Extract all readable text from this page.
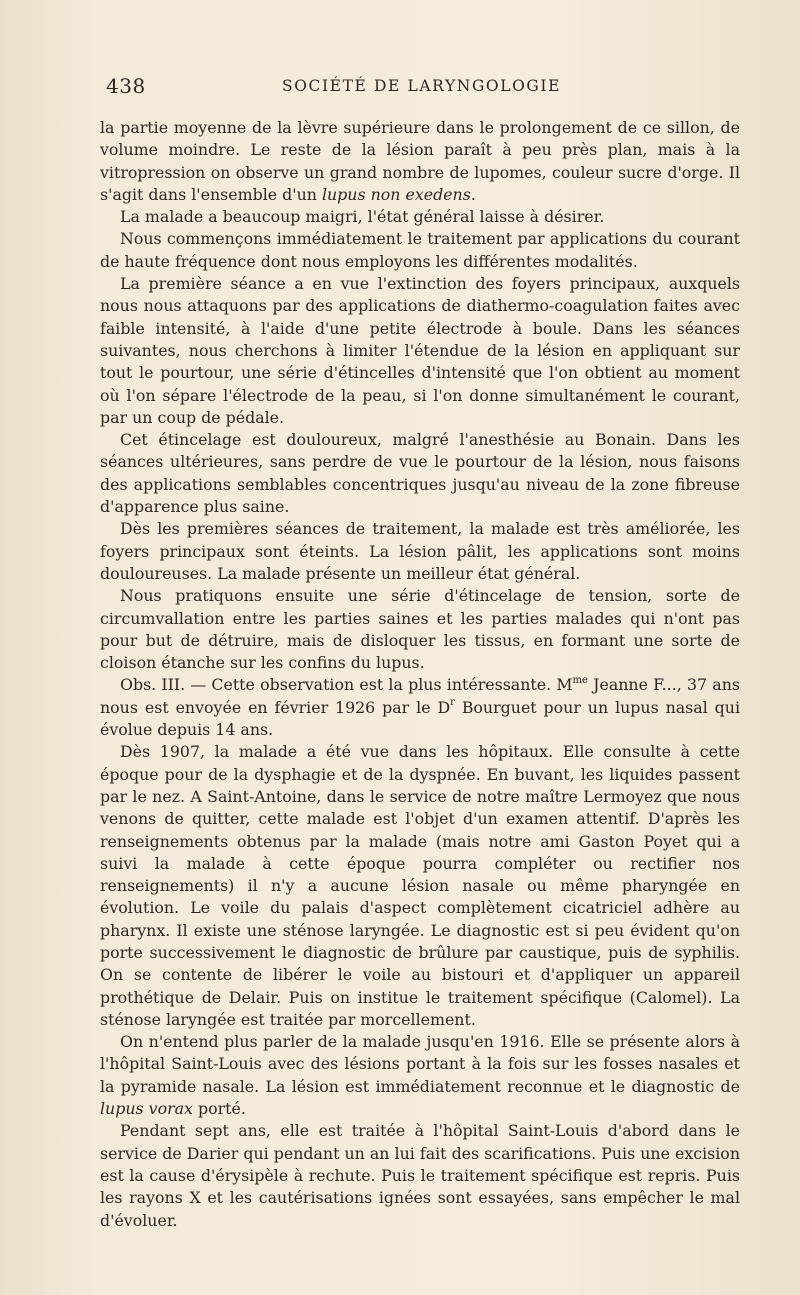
438	SOCIÉTÉ DE LARYNGOLOGIE

la partie moyenne de la lèvre supérieure dans le prolongement de ce sillon, de volume moindre. Le reste de la lésion paraît à peu près plan, mais à la vitropression on observe un grand nombre de lupomes, couleur sucre d'orge. Il s'agit dans l'ensemble d'un lupus non exedens.

La malade a beaucoup maigri, l'état général laisse à désirer.

Nous commençons immédiatement le traitement par applications du courant de haute fréquence dont nous employons les différentes modalités.

La première séance a en vue l'extinction des foyers principaux, auxquels nous nous attaquons par des applications de diathermo-coagulation faites avec faible intensité, à l'aide d'une petite électrode à boule. Dans les séances suivantes, nous cherchons à limiter l'étendue de la lésion en appliquant sur tout le pourtour, une série d'étincelles d'intensité que l'on obtient au moment où l'on sépare l'électrode de la peau, si l'on donne simultanément le courant, par un coup de pédale.

Cet étincelage est douloureux, malgré l'anesthésie au Bonain. Dans les séances ultérieures, sans perdre de vue le pourtour de la lésion, nous faisons des applications semblables concentriques jusqu'au niveau de la zone fibreuse d'apparence plus saine.

Dès les premières séances de traitement, la malade est très améliorée, les foyers principaux sont éteints. La lésion pâlit, les applications sont moins douloureuses. La malade présente un meilleur état général.

Nous pratiquons ensuite une série d'étincelage de tension, sorte de circumvallation entre les parties saines et les parties malades qui n'ont pas pour but de détruire, mais de disloquer les tissus, en formant une sorte de cloison étanche sur les confins du lupus.

Obs. III. — Cette observation est la plus intéressante. $M^{me}$ Jeanne F..., 37 ans nous est envoyée en février 1926 par le $D^r$ Bourguet pour un lupus nasal qui évolue depuis 14 ans.

Dès 1907, la malade a été vue dans les hôpitaux. Elle consulte à cette époque pour de la dysphagie et de la dyspnée. En buvant, les liquides passent par le nez. A Saint-Antoine, dans le service de notre maître Lermoyez que nous venons de quitter, cette malade est l'objet d'un examen attentif. D'après les renseignements obtenus par la malade (mais notre ami Gaston Poyet qui a suivi la malade à cette époque pourra compléter ou rectifier nos renseignements) il n'y a aucune lésion nasale ou même pharyngée en évolution. Le voile du palais d'aspect complètement cicatriciel adhère au pharynx. Il existe une sténose laryngée. Le diagnostic est si peu évident qu'on porte successivement le diagnostic de brûlure par caustique, puis de syphilis. On se contente de libérer le voile au bistouri et d'appliquer un appareil prothétique de Delair. Puis on institue le traitement spécifique (Calomel). La sténose laryngée est traitée par morcellement.

On n'entend plus parler de la malade jusqu'en 1916. Elle se présente alors à l'hôpital Saint-Louis avec des lésions portant à la fois sur les fosses nasales et la pyramide nasale. La lésion est immédiatement reconnue et le diagnostic de lupus vorax porté.

Pendant sept ans, elle est traitée à l'hôpital Saint-Louis d'abord dans le service de Darier qui pendant un an lui fait des scarifications. Puis une excision est la cause d'érysipèle à rechute. Puis le traitement spécifique est repris. Puis les rayons X et les cautérisations ignées sont essayées, sans empêcher le mal d'évoluer.
